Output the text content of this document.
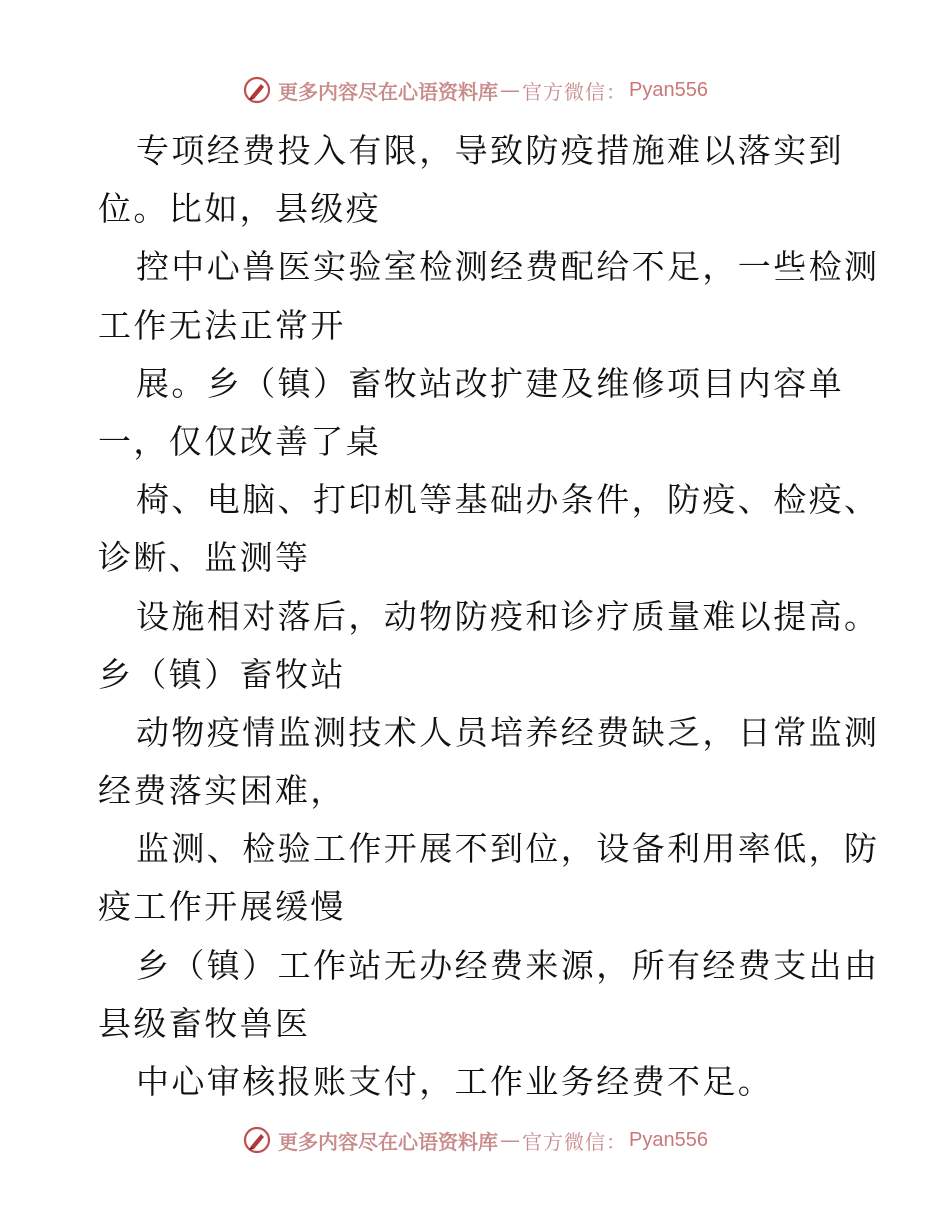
更多内容尽在心语资料库 — 官方微信： Pyan556
专项经费投入有限，导致防疫措施难以落实到
位。比如，县级疫
控中心兽医实验室检测经费配给不足，一些检测
工作无法正常开
展。乡（镇）畜牧站改扩建及维修项目内容单
一，仅仅改善了桌
椅、电脑、打印机等基础办条件，防疫、检疫、
诊断、监测等
设施相对落后，动物防疫和诊疗质量难以提高。
乡（镇）畜牧站
动物疫情监测技术人员培养经费缺乏，日常监测
经费落实困难，
监测、检验工作开展不到位，设备利用率低，防
疫工作开展缓慢
乡（镇）工作站无办经费来源，所有经费支出由
县级畜牧兽医
中心审核报账支付，工作业务经费不足。
更多内容尽在心语资料库 — 官方微信： Pyan556
